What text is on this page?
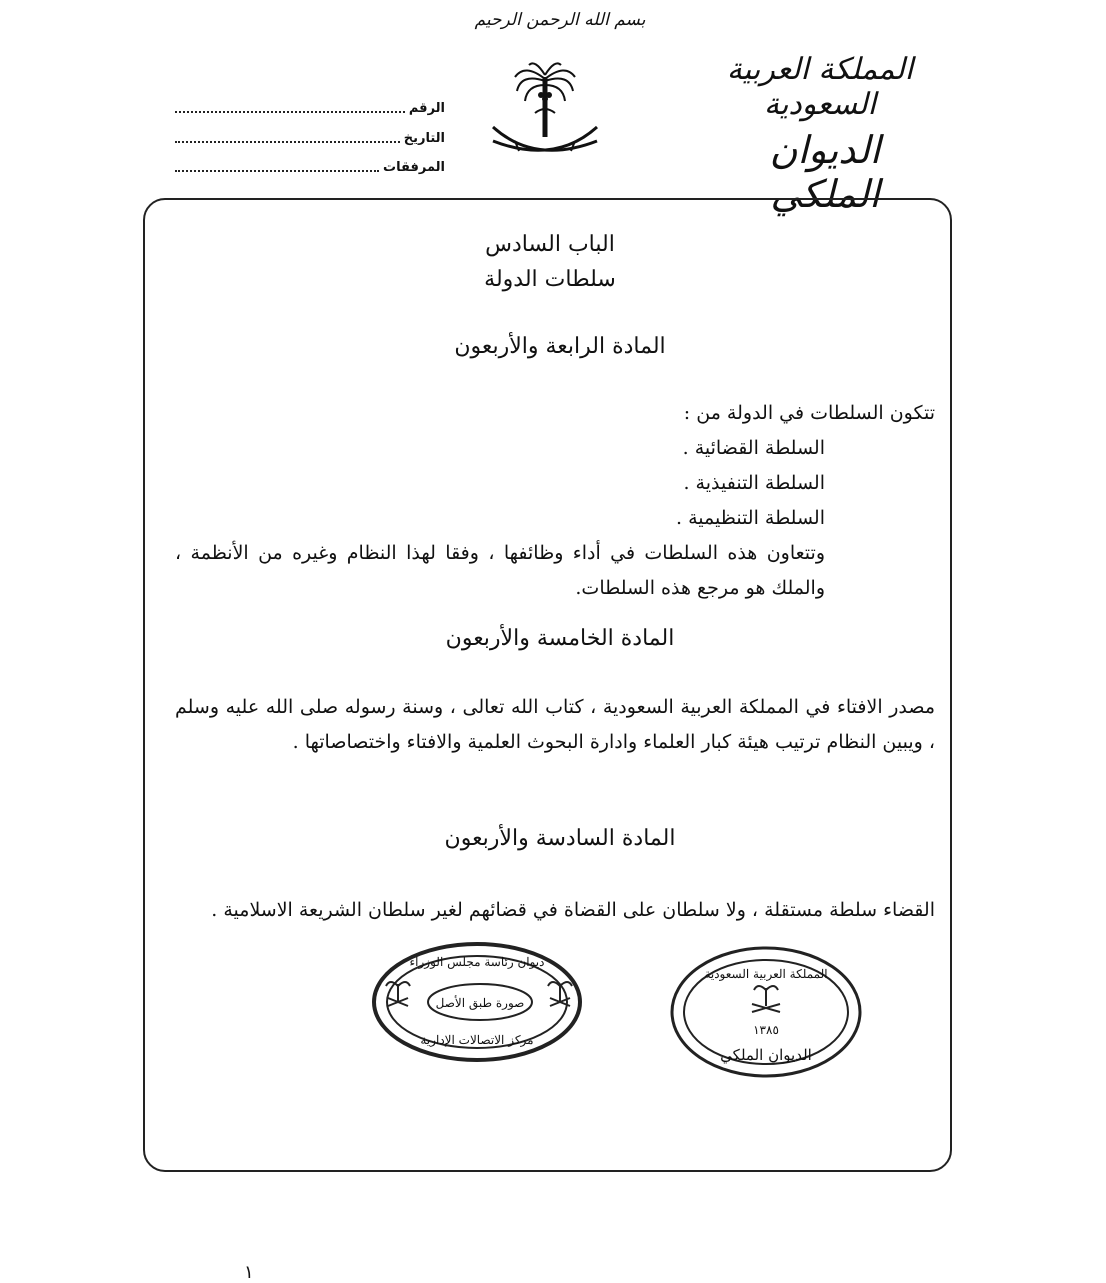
بسم الله الرحمن الرحيم
المملكة العربية السعودية
الديوان الملكي
الرقم
التاريخ
المرفقات
الباب السادس
سلطات الدولة
المادة الرابعة والأربعون

تتكون السلطات في الدولة من :

السلطة القضائية .

السلطة التنفيذية .

السلطة التنظيمية .

وتتعاون هذه السلطات في أداء وظائفها ، وفقا لهذا النظام وغيره من الأنظمة ، والملك هو مرجع هذه السلطات.

المادة الخامسة والأربعون

مصدر الافتاء في المملكة العربية السعودية ، كتاب الله تعالى ، وسنة رسوله صلى الله عليه وسلم ، ويبين النظام ترتيب هيئة كبار العلماء وادارة البحوث العلمية والافتاء واختصاصاتها .

المادة السادسة والأربعون

القضاء سلطة مستقلة ، ولا سلطان على القضاة في قضائهم لغير سلطان الشريعة الاسلامية .

ديوان رئاسة مجلس الوزراء
صورة طبق الأصل
مركز الاتصالات الإدارية
المملكة العربية السعودية
١٣٨٥
الديوان الملكي
١
